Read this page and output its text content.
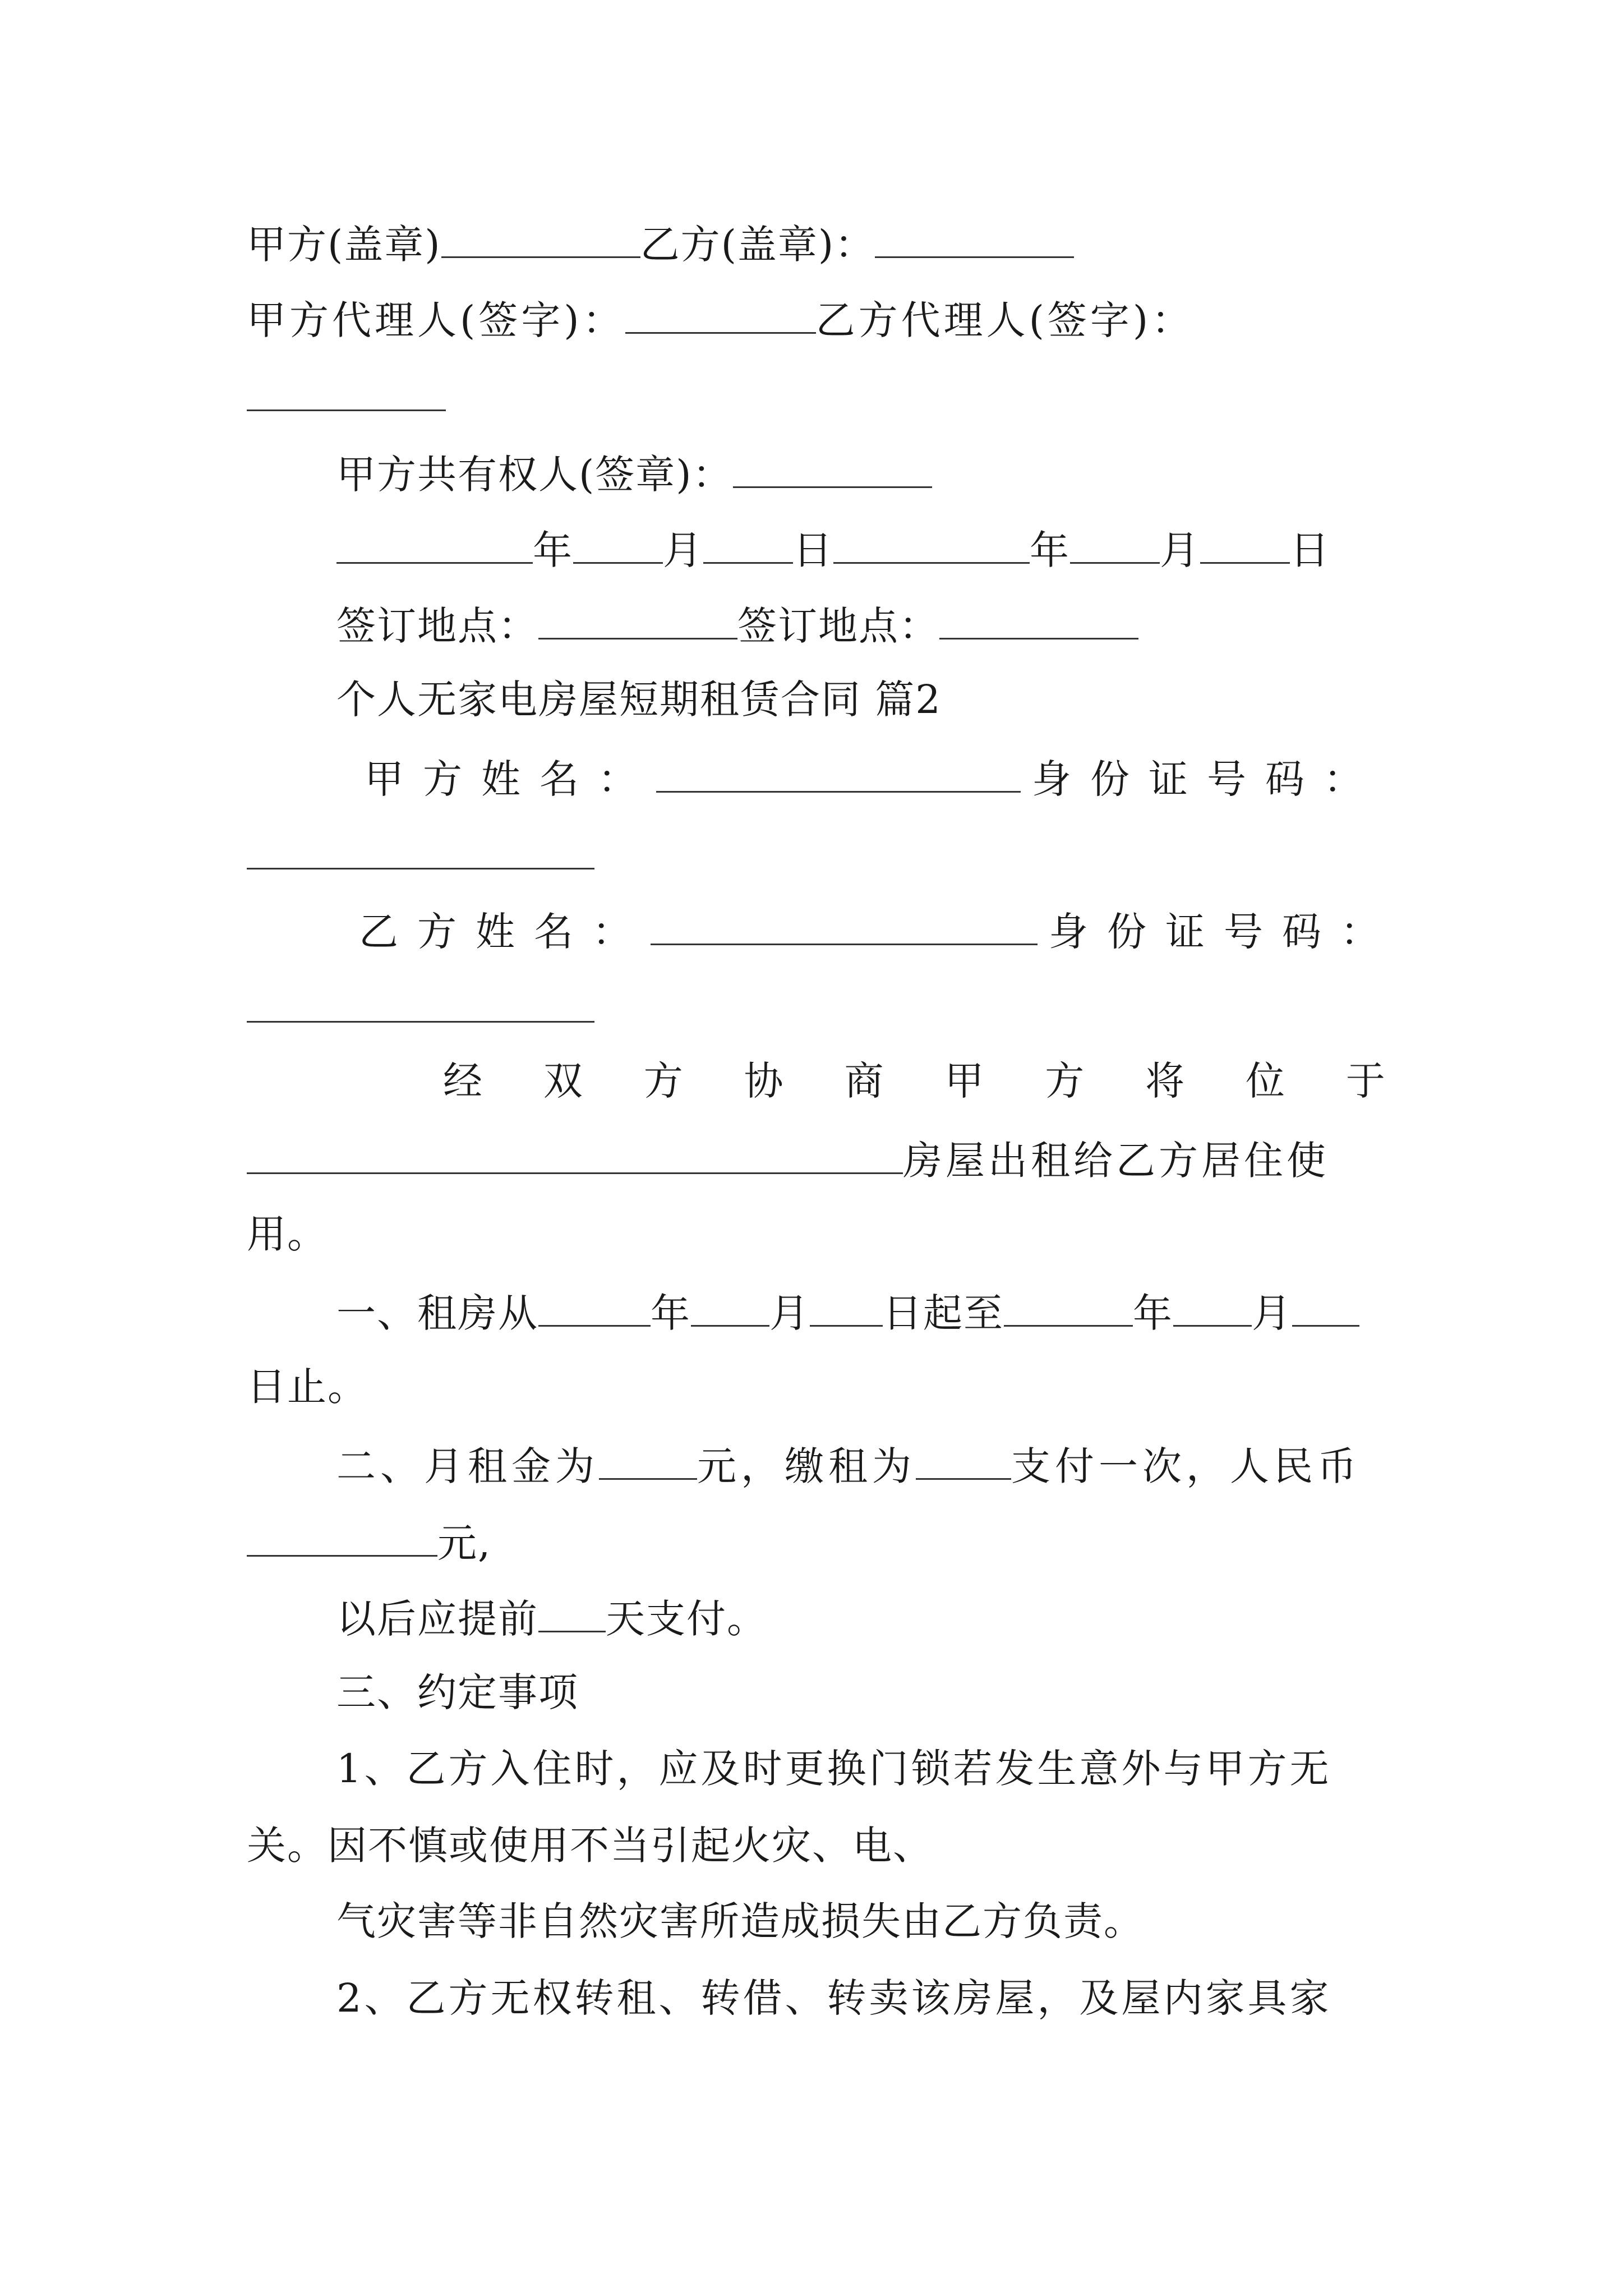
甲方(盖章)	乙方(盖章)：
甲方代理人(签字)：	乙方代理人(签字)：
甲方共有权人(签章)：
年 月 日	年 月 日
签订地点：	签订地点：
个人无家电房屋短期租赁合同 篇2
甲方姓名：	身份证号码：
乙方姓名：	身份证号码：
经 双 方 协 商 甲 方 将 位 于
房屋出租给乙方居住使
用。
一、租房从	年 月 日起至	年 月
日止。
二、月租金为	元，缴租为 支付一次，人民币
元,
以后应提前 天支付。
三、约定事项
1、乙方入住时，应及时更换门锁若发生意外与甲方无
关。因不慎或使用不当引起火灾、电、
气灾害等非自然灾害所造成损失由乙方负责。
2、乙方无权转租、转借、转卖该房屋，及屋内家具家
